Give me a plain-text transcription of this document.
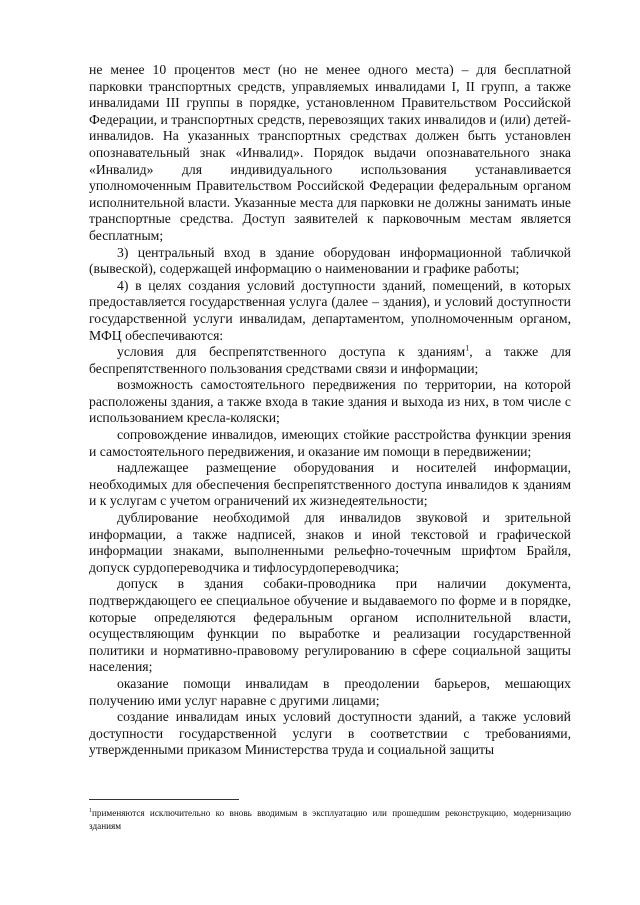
не менее 10 процентов мест (но не менее одного места) – для бесплатной парковки транспортных средств, управляемых инвалидами I, II групп, а также инвалидами III группы в порядке, установленном Правительством Российской Федерации, и транспортных средств, перевозящих таких инвалидов и (или) детей-инвалидов. На указанных транспортных средствах должен быть установлен опознавательный знак «Инвалид». Порядок выдачи опознавательного знака «Инвалид» для индивидуального использования устанавливается уполномоченным Правительством Российской Федерации федеральным органом исполнительной власти. Указанные места для парковки не должны занимать иные транспортные средства. Доступ заявителей к парковочным местам является бесплатным;

3) центральный вход в здание оборудован информационной табличкой (вывеской), содержащей информацию о наименовании и графике работы;

4) в целях создания условий доступности зданий, помещений, в которых предоставляется государственная услуга (далее – здания), и условий доступности государственной услуги инвалидам, департаментом, уполномоченным органом, МФЦ обеспечиваются:

условия для беспрепятственного доступа к зданиям$^1$, а также для беспрепятственного пользования средствами связи и информации;

возможность самостоятельного передвижения по территории, на которой расположены здания, а также входа в такие здания и выхода из них, в том числе с использованием кресла-коляски;

сопровождение инвалидов, имеющих стойкие расстройства функции зрения и самостоятельного передвижения, и оказание им помощи в передвижении;

надлежащее размещение оборудования и носителей информации, необходимых для обеспечения беспрепятственного доступа инвалидов к зданиям и к услугам с учетом ограничений их жизнедеятельности;

дублирование необходимой для инвалидов звуковой и зрительной информации, а также надписей, знаков и иной текстовой и графической информации знаками, выполненными рельефно-точечным шрифтом Брайля, допуск сурдопереводчика и тифлосурдопереводчика;

допуск в здания собаки-проводника при наличии документа, подтверждающего ее специальное обучение и выдаваемого по форме и в порядке, которые определяются федеральным органом исполнительной власти, осуществляющим функции по выработке и реализации государственной политики и нормативно-правовому регулированию в сфере социальной защиты населения;

оказание помощи инвалидам в преодолении барьеров, мешающих получению ими услуг наравне с другими лицами;

создание инвалидам иных условий доступности зданий, а также условий доступности государственной услуги в соответствии с требованиями, утвержденными приказом Министерства труда и социальной защиты

$^1$применяются исключительно ко вновь вводимым в эксплуатацию или прошедшим реконструкцию, модернизацию зданиям
